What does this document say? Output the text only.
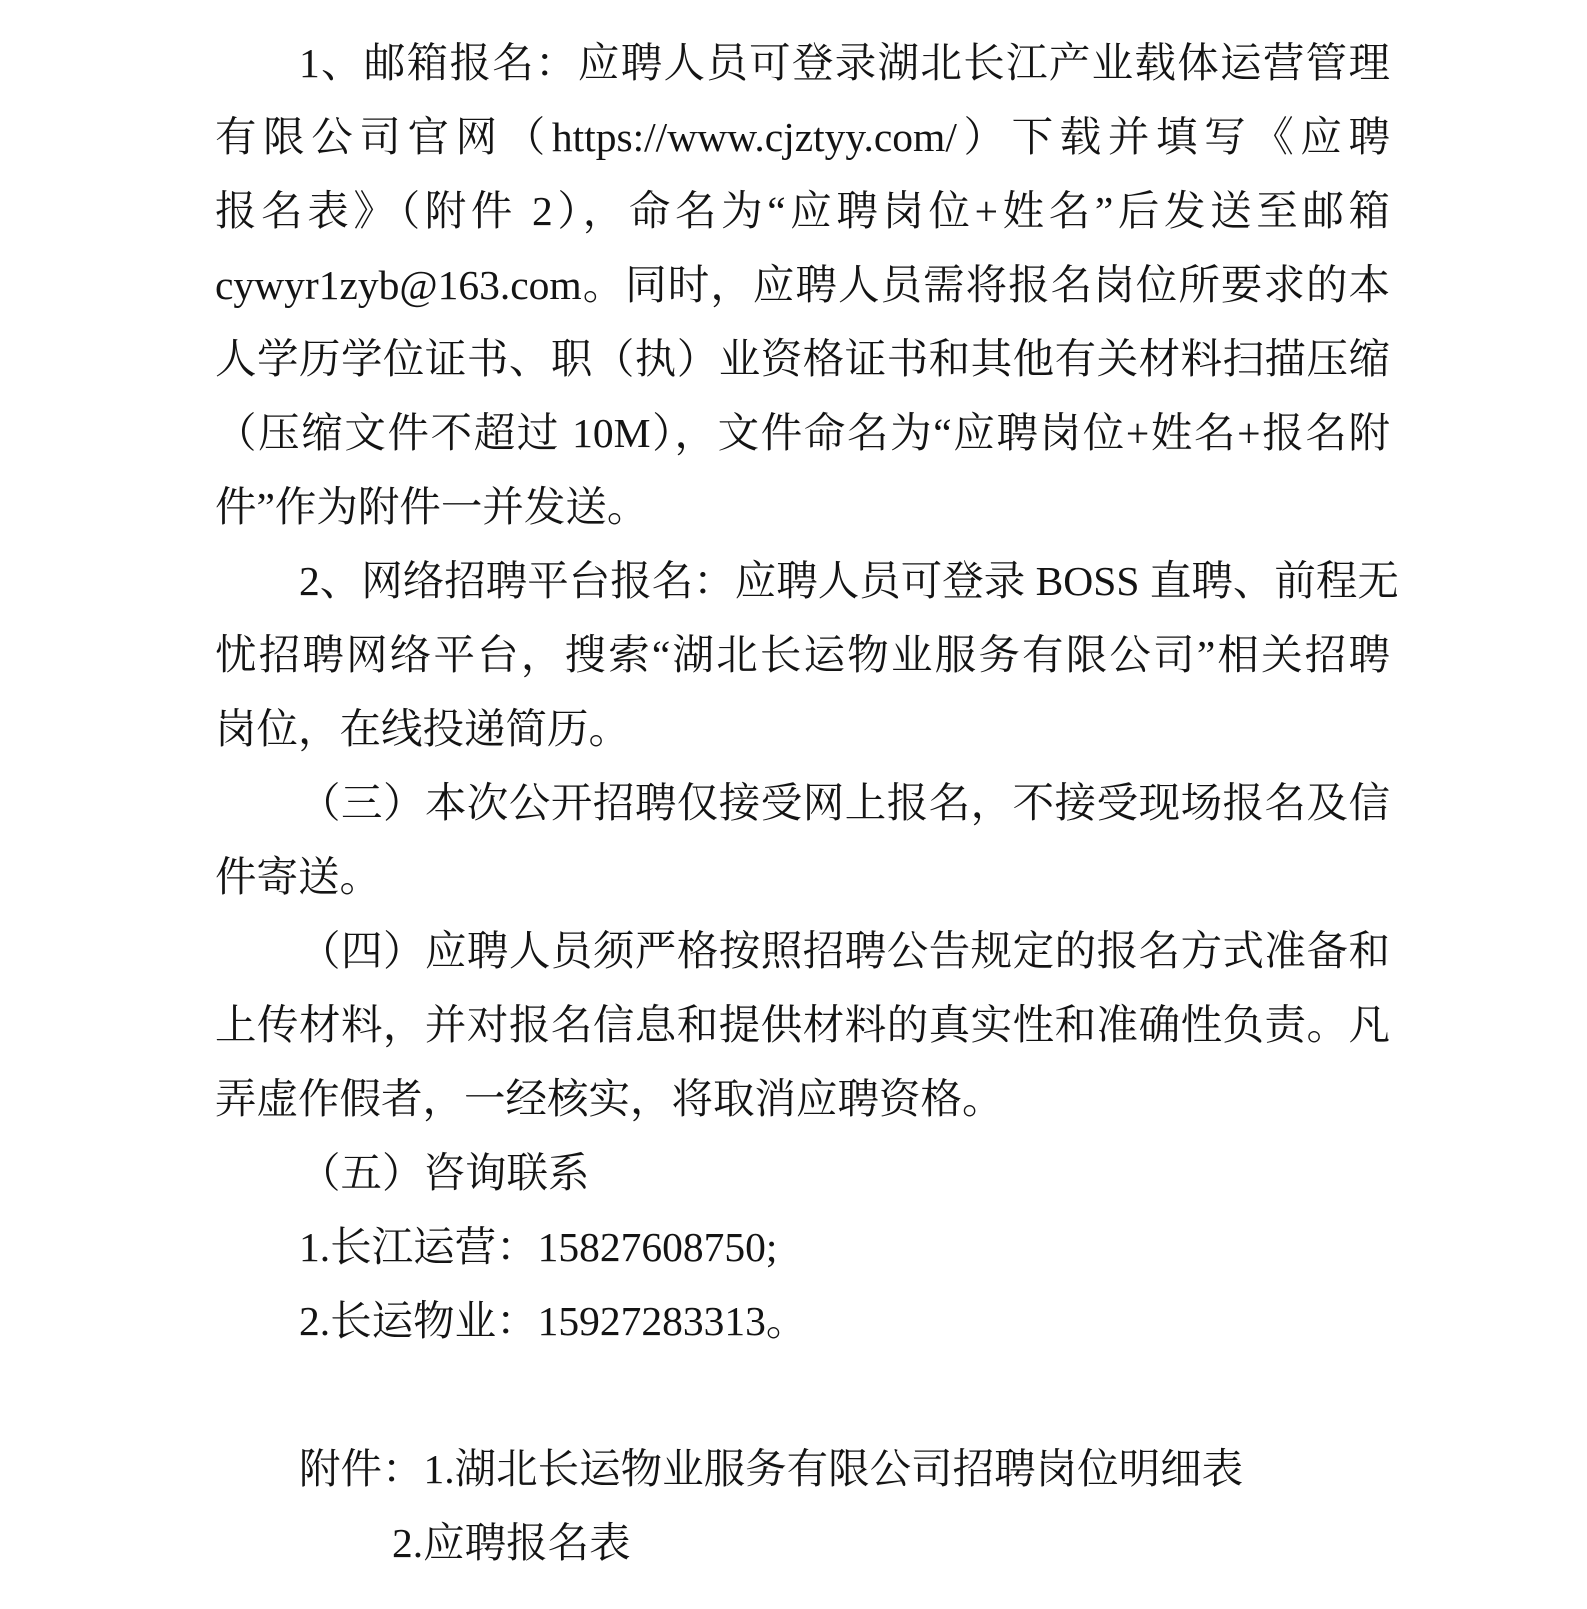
1、邮箱报名：应聘人员可登录湖北长江产业载体运营管理
有限公司官网（https://www.cjztyy.com/）下载并填写《应聘
报名表》（附件 2），命名为“应聘岗位+姓名”后发送至邮箱
cywyr1zyb@163.com。同时，应聘人员需将报名岗位所要求的本
人学历学位证书、职（执）业资格证书和其他有关材料扫描压缩
（压缩文件不超过 10M），文件命名为“应聘岗位+姓名+报名附
件”作为附件一并发送。
2、网络招聘平台报名：应聘人员可登录 BOSS 直聘、前程无
忧招聘网络平台，搜索“湖北长运物业服务有限公司”相关招聘
岗位，在线投递简历。
（三）本次公开招聘仅接受网上报名，不接受现场报名及信
件寄送。
（四）应聘人员须严格按照招聘公告规定的报名方式准备和
上传材料，并对报名信息和提供材料的真实性和准确性负责。凡
弄虚作假者，一经核实，将取消应聘资格。
（五）咨询联系
1.长江运营：15827608750;
2.长运物业：15927283313。
附件：1.湖北长运物业服务有限公司招聘岗位明细表
2.应聘报名表
